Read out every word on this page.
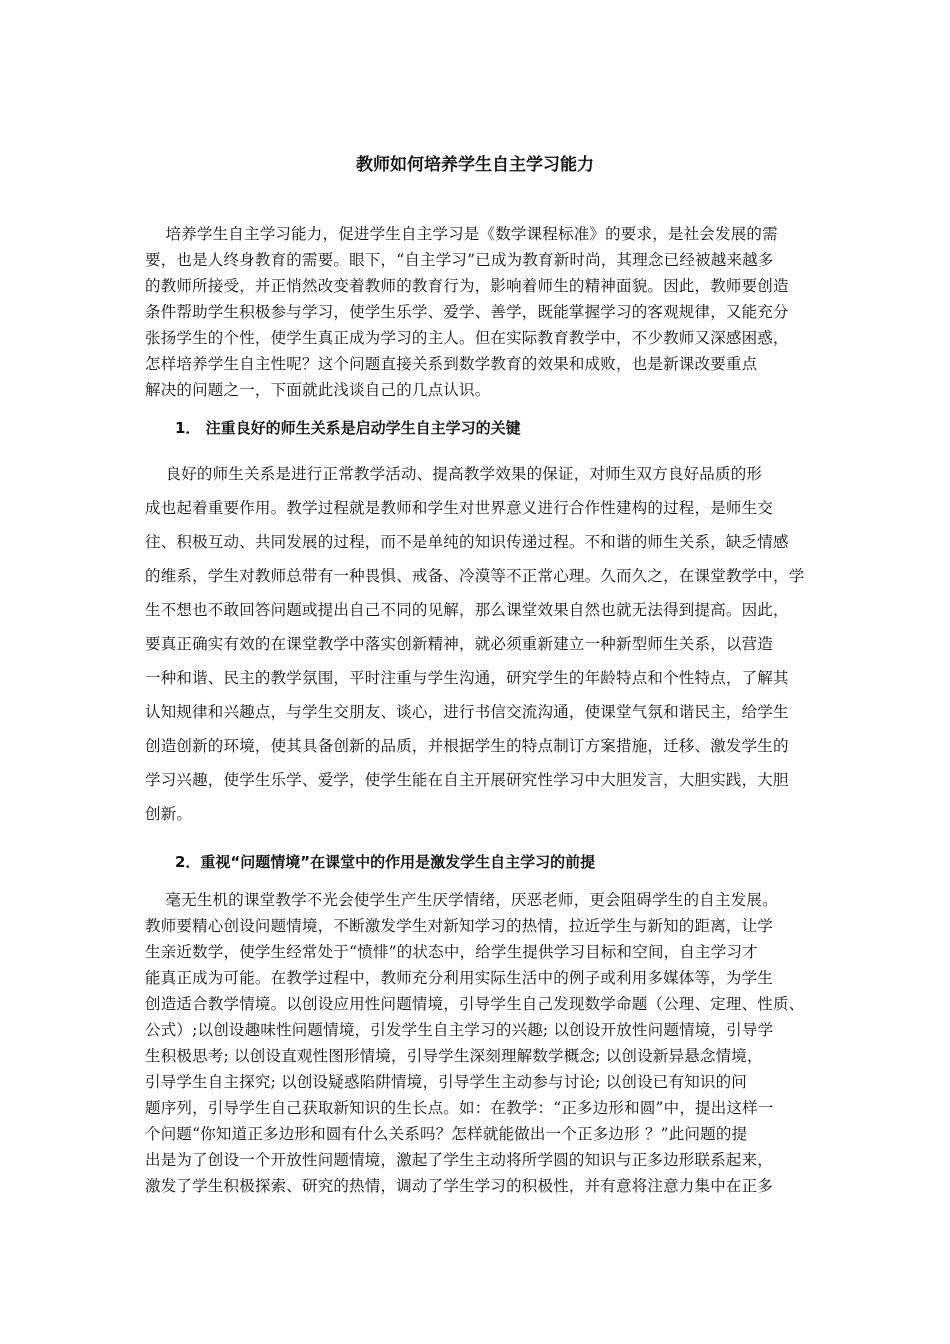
教师如何培养学生自主学习能力
培养学生自主学习能力，促进学生自主学习是《数学课程标准》的要求，是社会发展的需
要，也是人终身教育的需要。眼下，“自主学习”已成为教育新时尚，其理念已经被越来越多
的教师所接受，并正悄然改变着教师的教育行为，影响着师生的精神面貌。因此，教师要创造
条件帮助学生积极参与学习，使学生乐学、爱学、善学，既能掌握学习的客观规律，又能充分
张扬学生的个性，使学生真正成为学习的主人。但在实际教育教学中，不少教师又深感困惑，
怎样培养学生自主性呢？这个问题直接关系到数学教育的效果和成败，也是新课改要重点
解决的问题之一，下面就此浅谈自己的几点认识。
1． 注重良好的师生关系是启动学生自主学习的关键
良好的师生关系是进行正常教学活动、提高教学效果的保证，对师生双方良好品质的形
成也起着重要作用。教学过程就是教师和学生对世界意义进行合作性建构的过程，是师生交
往、积极互动、共同发展的过程，而不是单纯的知识传递过程。不和谐的师生关系，缺乏情感
的维系，学生对教师总带有一种畏惧、戒备、冷漠等不正常心理。久而久之，在课堂教学中，学
生不想也不敢回答问题或提出自己不同的见解，那么课堂效果自然也就无法得到提高。因此，
要真正确实有效的在课堂教学中落实创新精神，就必须重新建立一种新型师生关系，以营造
一种和谐、民主的教学氛围，平时注重与学生沟通，研究学生的年龄特点和个性特点，了解其
认知规律和兴趣点，与学生交朋友、谈心，进行书信交流沟通，使课堂气氛和谐民主，给学生
创造创新的环境，使其具备创新的品质，并根据学生的特点制订方案措施，迁移、激发学生的
学习兴趣，使学生乐学、爱学，使学生能在自主开展研究性学习中大胆发言，大胆实践，大胆
创新。
2．重视“问题情境”在课堂中的作用是激发学生自主学习的前提
毫无生机的课堂教学不光会使学生产生厌学情绪，厌恶老师，更会阻碍学生的自主发展。
教师要精心创设问题情境，不断激发学生对新知学习的热情，拉近学生与新知的距离，让学
生亲近数学，使学生经常处于“愤悱”的状态中，给学生提供学习目标和空间，自主学习才
能真正成为可能。在教学过程中，教师充分利用实际生活中的例子或利用多媒体等，为学生
创造适合教学情境。以创设应用性问题情境，引导学生自己发现数学命题（公理、定理、性质、
公式）;以创设趣味性问题情境，引发学生自主学习的兴趣; 以创设开放性问题情境，引导学
生积极思考; 以创设直观性图形情境，引导学生深刻理解数学概念; 以创设新异悬念情境，
引导学生自主探究; 以创设疑惑陷阱情境，引导学生主动参与讨论; 以创设已有知识的问
题序列，引导学生自己获取新知识的生长点。如：在教学：“正多边形和圆”中，提出这样一
个问题“你知道正多边形和圆有什么关系吗？怎样就能做出一个正多边形 ？”此问题的提
出是为了创设一个开放性问题情境，激起了学生主动将所学圆的知识与正多边形联系起来，
激发了学生积极探索、研究的热情，调动了学生学习的积极性，并有意将注意力集中在正多
